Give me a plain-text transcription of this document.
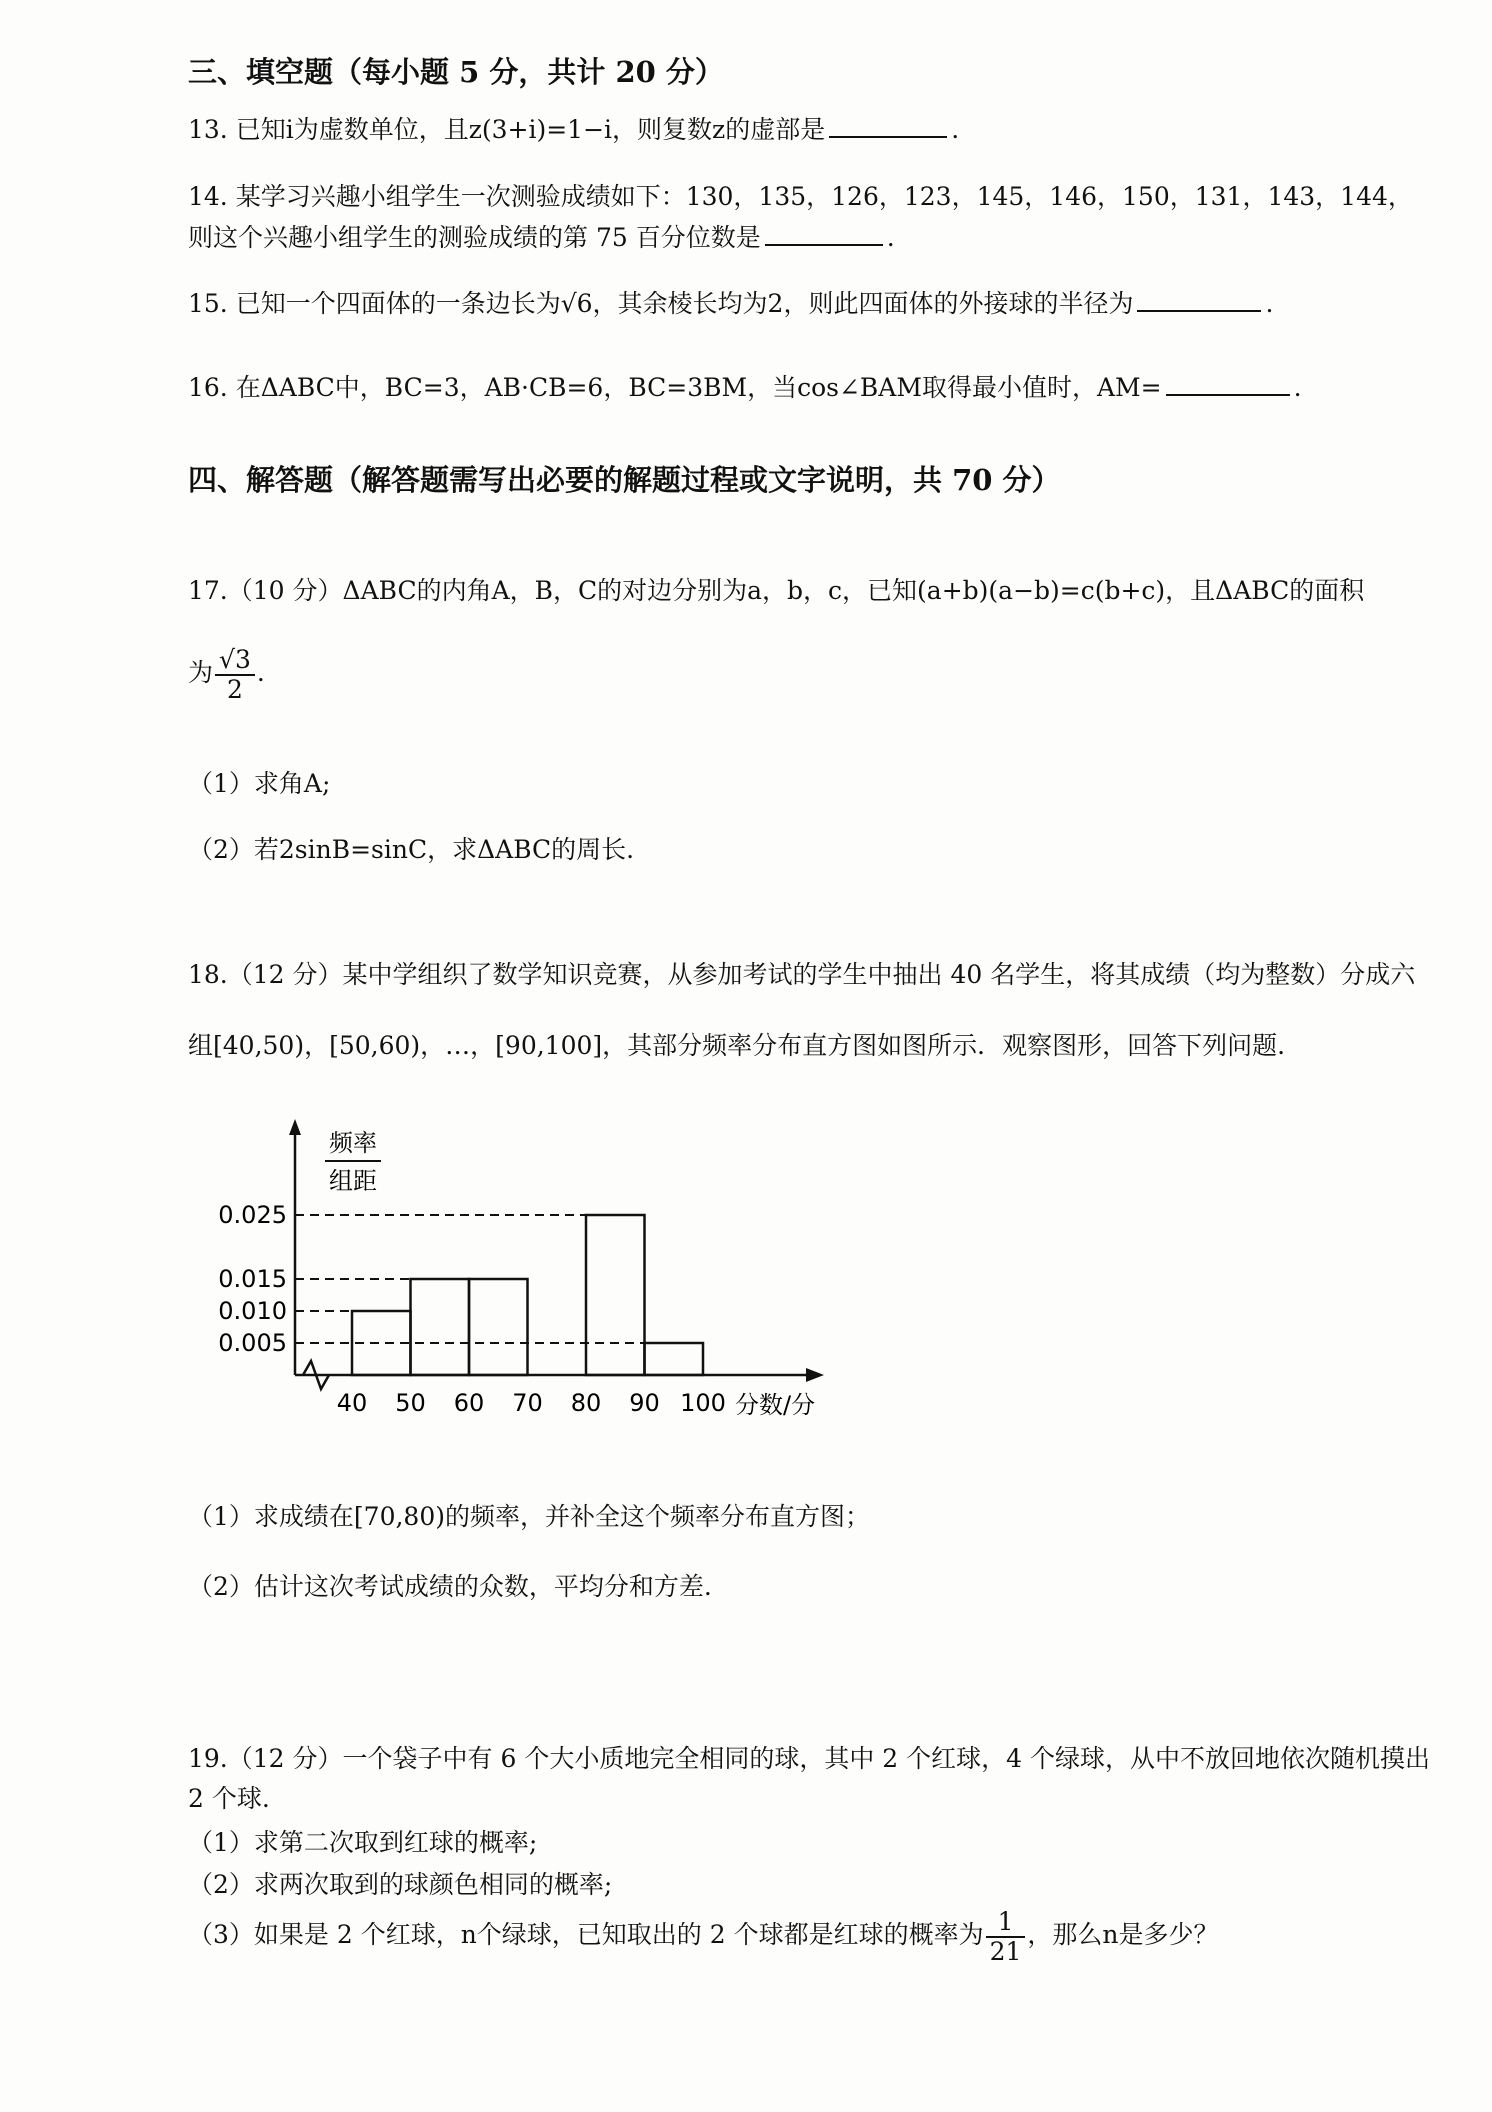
三、填空题（每小题 5 分，共计 20 分）
13. 已知i为虚数单位，且z(3+i)=1−i，则复数z的虚部是	.
14. 某学习兴趣小组学生一次测验成绩如下：130，135，126，123，145，146，150，131，143，144，
则这个兴趣小组学生的测验成绩的第 75 百分位数是	.
15. 已知一个四面体的一条边长为√6，其余棱长均为2，则此四面体的外接球的半径为	.
16. 在ΔABC中，BC=3，AB·CB=6，BC=3BM，当cos∠BAM取得最小值时，AM=	.
四、解答题（解答题需写出必要的解题过程或文字说明，共 70 分）
17.（10 分）ΔABC的内角A，B，C的对边分别为a，b，c，已知(a+b)(a−b)=c(b+c)，且ΔABC的面积
为 $\frac{√3}{2}$ .
（1）求角A;
（2）若2sinB=sinC，求ΔABC的周长.
18.（12 分）某中学组织了数学知识竞赛，从参加考试的学生中抽出 40 名学生，将其成绩（均为整数）分成六
组[40,50)，[50,60)，…，[90,100]，其部分频率分布直方图如图所示．观察图形，回答下列问题.
0.005
0.010
0.015
0.025
40 50 60 70 80 90 100 分数/分
频率
组距
（1）求成绩在[70,80)的频率，并补全这个频率分布直方图；
（2）估计这次考试成绩的众数，平均分和方差.
19.（12 分）一个袋子中有 6 个大小质地完全相同的球，其中 2 个红球，4 个绿球，从中不放回地依次随机摸出
2 个球.
（1）求第二次取到红球的概率;
（2）求两次取到的球颜色相同的概率;
（3）如果是 2 个红球，n个绿球，已知取出的 2 个球都是红球的概率为 $\frac{1}{21}$ ，那么n是多少？
